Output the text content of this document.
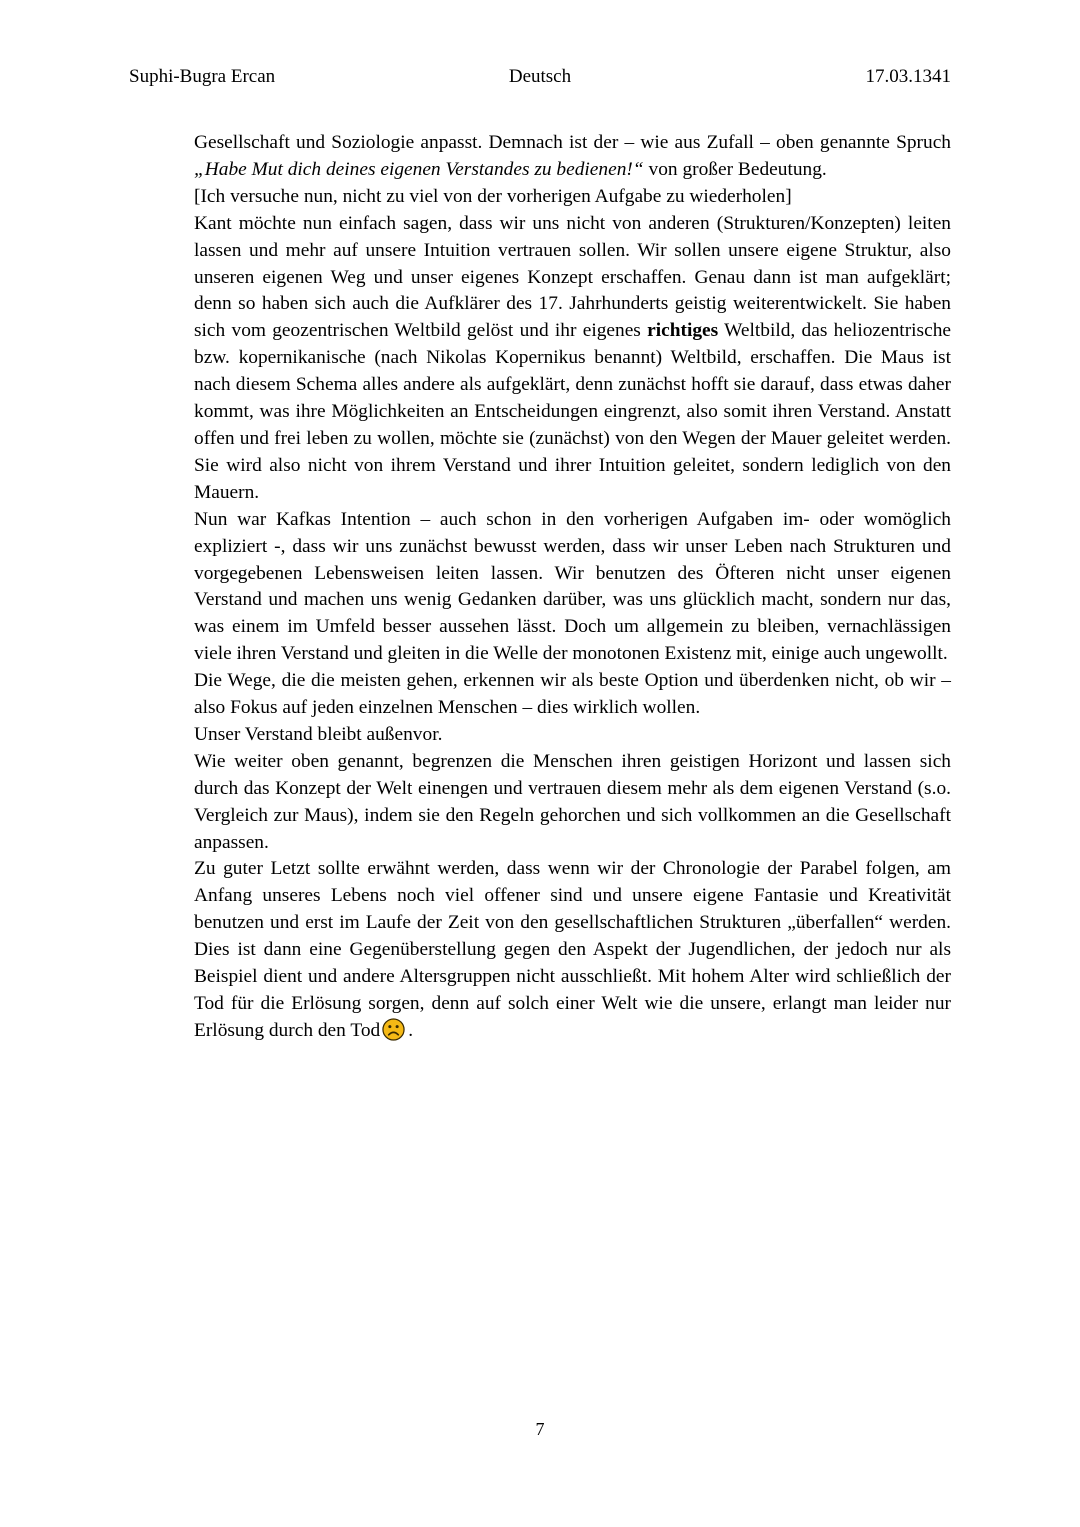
Suphi-Bugra Ercan	Deutsch	17.03.1341

Gesellschaft und Soziologie anpasst. Demnach ist der – wie aus Zufall – oben genannte Spruch „Habe Mut dich deines eigenen Verstandes zu bedienen!“ von großer Bedeutung.

[Ich versuche nun, nicht zu viel von der vorherigen Aufgabe zu wiederholen]

Kant möchte nun einfach sagen, dass wir uns nicht von anderen (Strukturen/Konzepten) leiten lassen und mehr auf unsere Intuition vertrauen sollen. Wir sollen unsere eigene Struktur, also unseren eigenen Weg und unser eigenes Konzept erschaffen. Genau dann ist man aufgeklärt; denn so haben sich auch die Aufklärer des 17. Jahrhunderts geistig weiterentwickelt. Sie haben sich vom geozentrischen Weltbild gelöst und ihr eigenes richtiges Weltbild, das heliozentrische bzw. kopernikanische (nach Nikolas Kopernikus benannt) Weltbild, erschaffen. Die Maus ist nach diesem Schema alles andere als aufgeklärt, denn zunächst hofft sie darauf, dass etwas daher kommt, was ihre Möglichkeiten an Entscheidungen eingrenzt, also somit ihren Verstand. Anstatt offen und frei leben zu wollen, möchte sie (zunächst) von den Wegen der Mauer geleitet werden. Sie wird also nicht von ihrem Verstand und ihrer Intuition geleitet, sondern lediglich von den Mauern.

Nun war Kafkas Intention – auch schon in den vorherigen Aufgaben im- oder womöglich expliziert -, dass wir uns zunächst bewusst werden, dass wir unser Leben nach Strukturen und vorgegebenen Lebensweisen leiten lassen. Wir benutzen des Öfteren nicht unser eigenen Verstand und machen uns wenig Gedanken darüber, was uns glücklich macht, sondern nur das, was einem im Umfeld besser aussehen lässt. Doch um allgemein zu bleiben, vernachlässigen viele ihren Verstand und gleiten in die Welle der monotonen Existenz mit, einige auch ungewollt.

Die Wege, die die meisten gehen, erkennen wir als beste Option und überdenken nicht, ob wir – also Fokus auf jeden einzelnen Menschen – dies wirklich wollen.

Unser Verstand bleibt außenvor.

Wie weiter oben genannt, begrenzen die Menschen ihren geistigen Horizont und lassen sich durch das Konzept der Welt einengen und vertrauen diesem mehr als dem eigenen Verstand (s.o. Vergleich zur Maus), indem sie den Regeln gehorchen und sich vollkommen an die Gesellschaft anpassen.

Zu guter Letzt sollte erwähnt werden, dass wenn wir der Chronologie der Parabel folgen, am Anfang unseres Lebens noch viel offener sind und unsere eigene Fantasie und Kreativität benutzen und erst im Laufe der Zeit von den gesellschaftlichen Strukturen „überfallen“ werden. Dies ist dann eine Gegenüberstellung gegen den Aspekt der Jugendlichen, der jedoch nur als Beispiel dient und andere Altersgruppen nicht ausschließt. Mit hohem Alter wird schließlich der Tod für die Erlösung sorgen, denn auf solch einer Welt wie die unsere, erlangt man leider nur Erlösung durch den Tod .

7
